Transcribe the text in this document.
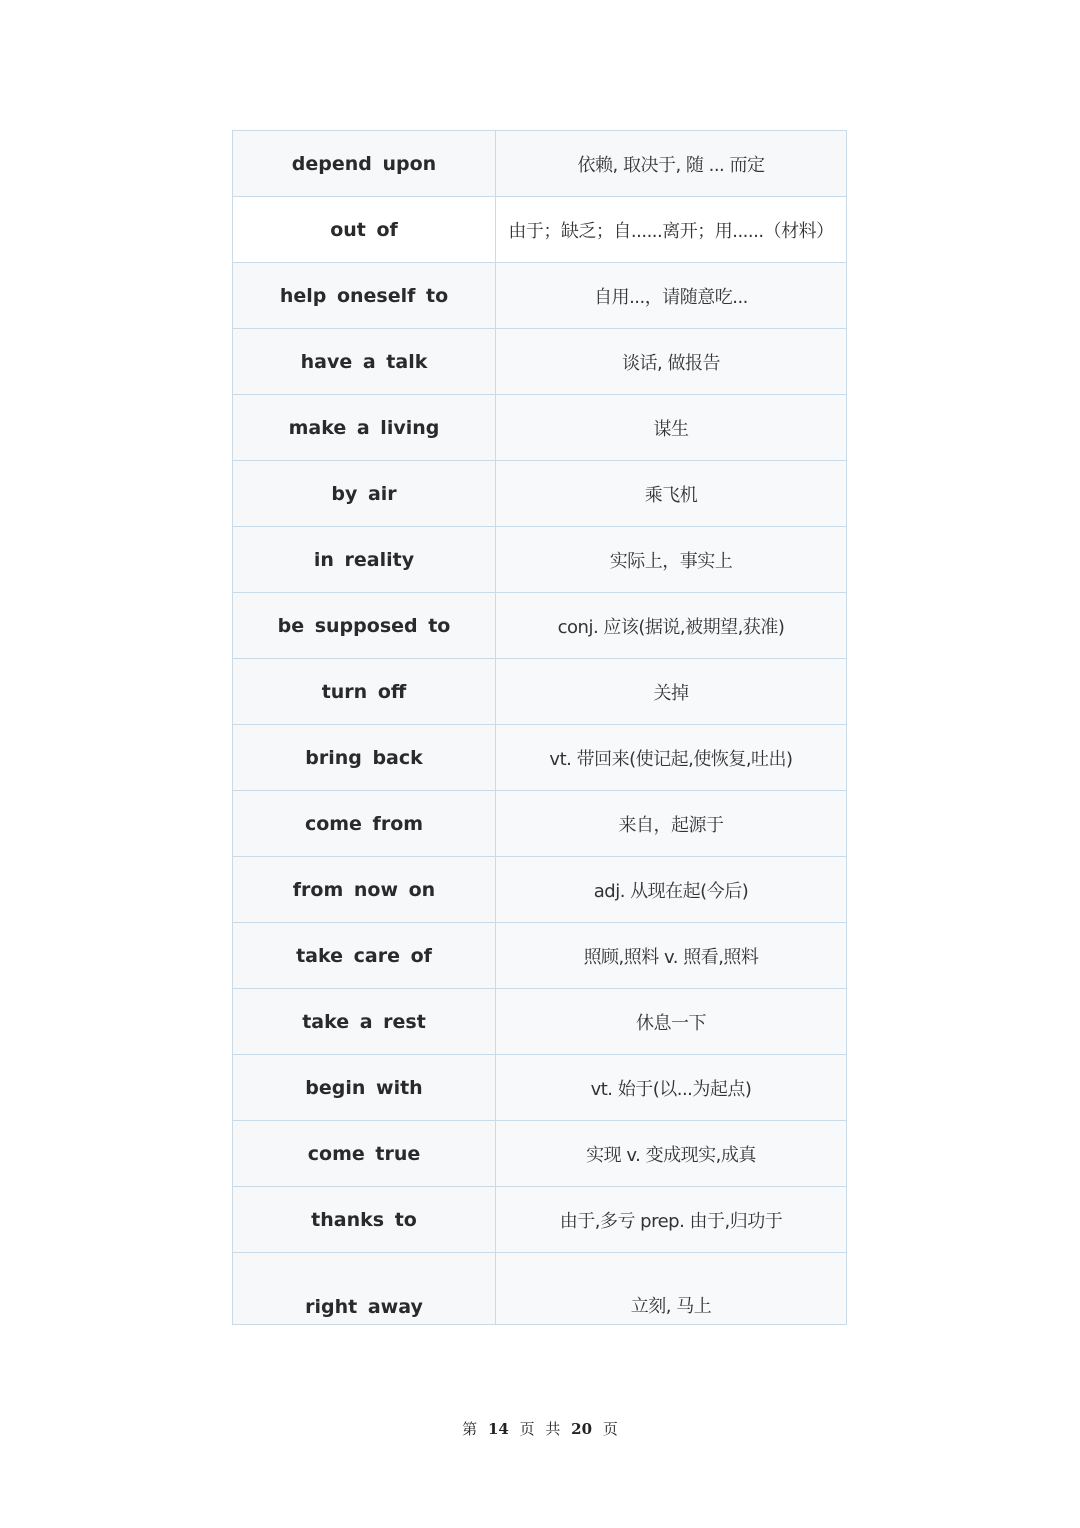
depend upon	依赖, 取决于, 随 ... 而定
out of	由于；缺乏；自......离开；用......（材料）
help oneself to	自用...，请随意吃...
have a talk	谈话, 做报告
make a living	谋生
by air	乘飞机
in reality	实际上，事实上
be supposed to	conj. 应该(据说,被期望,获准)
turn off	关掉
bring back	vt. 带回来(使记起,使恢复,吐出)
come from	来自，起源于
from now on	adj. 从现在起(今后)
take care of	照顾,照料 v. 照看,照料
take a rest	休息一下
begin with	vt. 始于(以...为起点)
come true	实现 v. 变成现实,成真
thanks to	由于,多亏 prep. 由于,归功于
right away	立刻, 马上
第 14 页 共 20 页
